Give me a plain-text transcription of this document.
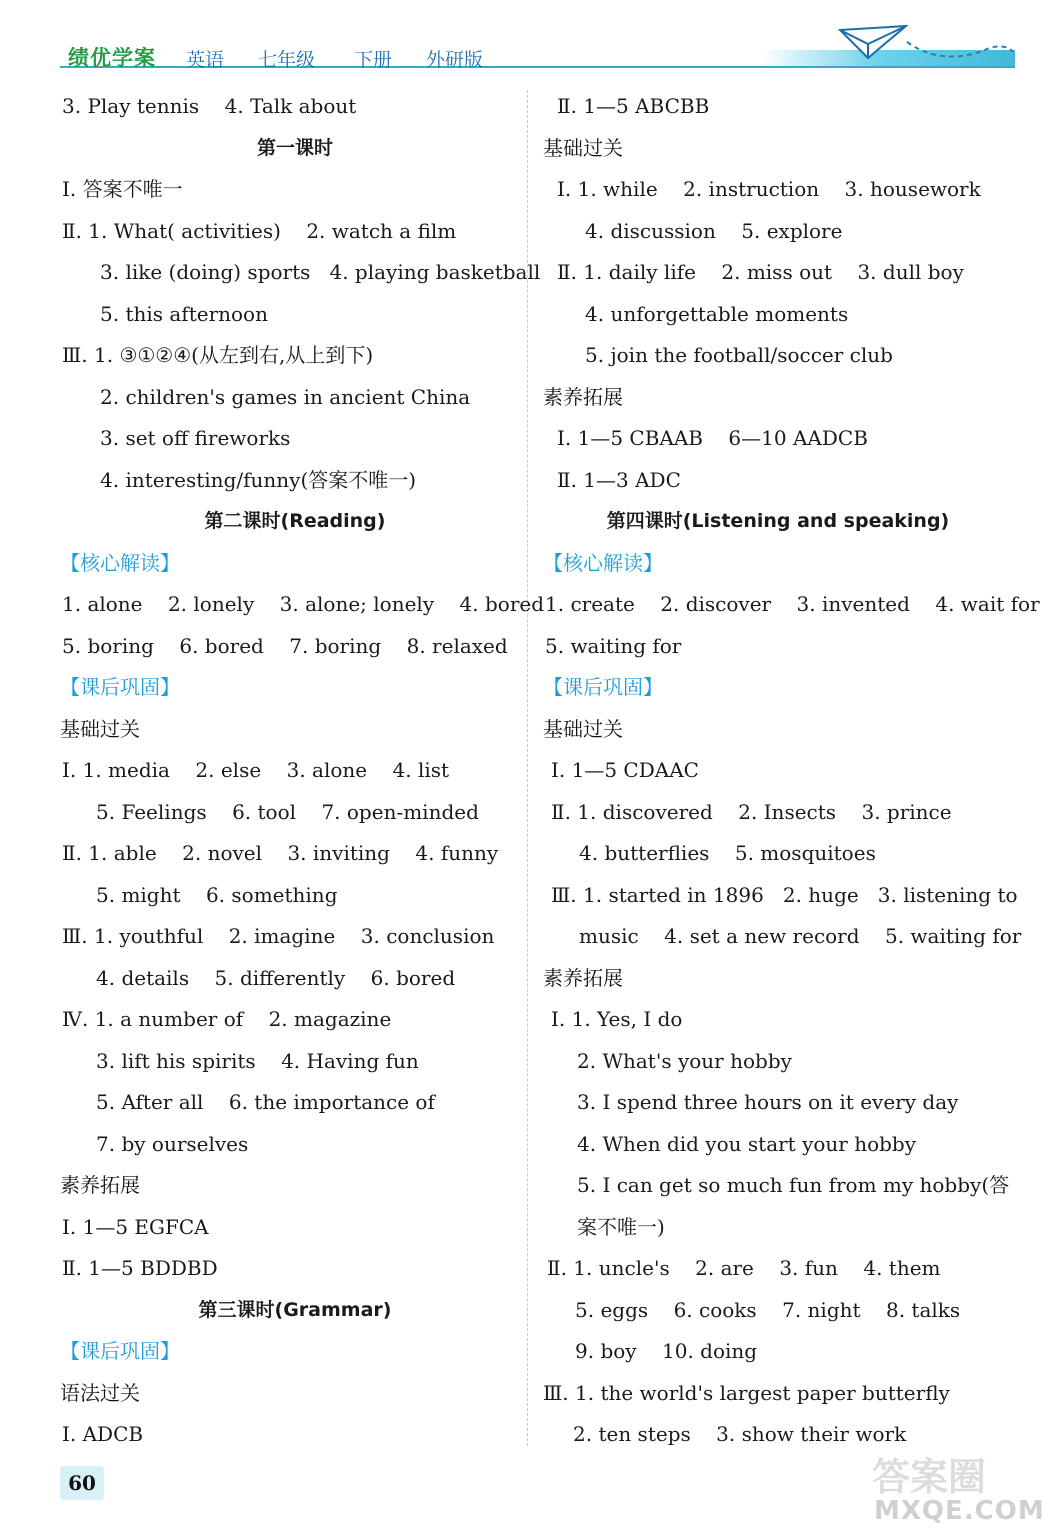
绩优学案 英语 七年级 下册 外研版
3. Play tennis    4. Talk about
第一课时
Ⅰ. 答案不唯一
Ⅱ. 1. What( activities)    2. watch a film
3. like (doing) sports   4. playing basketball
5. this afternoon
Ⅲ. 1. ③①②④(从左到右,从上到下)
2. children's games in ancient China
3. set off fireworks
4. interesting/funny(答案不唯一)
第二课时(Reading)
【核心解读】
1. alone    2. lonely    3. alone; lonely    4. bored
5. boring    6. bored    7. boring    8. relaxed
【课后巩固】
基础过关
Ⅰ. 1. media    2. else    3. alone    4. list
5. Feelings    6. tool    7. open-minded
Ⅱ. 1. able    2. novel    3. inviting    4. funny
5. might    6. something
Ⅲ. 1. youthful    2. imagine    3. conclusion
4. details    5. differently    6. bored
Ⅳ. 1. a number of    2. magazine
3. lift his spirits    4. Having fun
5. After all    6. the importance of
7. by ourselves
素养拓展
Ⅰ. 1—5 EGFCA
Ⅱ. 1—5 BDDBD
第三课时(Grammar)
【课后巩固】
语法过关
Ⅰ. ADCB
Ⅱ. 1—5 ABCBB
基础过关
Ⅰ. 1. while    2. instruction    3. housework
4. discussion    5. explore
Ⅱ. 1. daily life    2. miss out    3. dull boy
4. unforgettable moments
5. join the football/soccer club
素养拓展
Ⅰ. 1—5 CBAAB    6—10 AADCB
Ⅱ. 1—3 ADC
第四课时(Listening and speaking)
【核心解读】
1. create    2. discover    3. invented    4. wait for
5. waiting for
【课后巩固】
基础过关
Ⅰ. 1—5 CDAAC
Ⅱ. 1. discovered    2. Insects    3. prince
4. butterflies    5. mosquitoes
Ⅲ. 1. started in 1896   2. huge   3. listening to
music    4. set a new record    5. waiting for
素养拓展
Ⅰ. 1. Yes, I do
2. What's your hobby
3. I spend three hours on it every day
4. When did you start your hobby
5. I can get so much fun from my hobby(答
案不唯一)
Ⅱ. 1. uncle's    2. are    3. fun    4. them
5. eggs    6. cooks    7. night    8. talks
9. boy    10. doing
Ⅲ. 1. the world's largest paper butterfly
2. ten steps    3. show their work
60	答案圈
MXQE.COM
